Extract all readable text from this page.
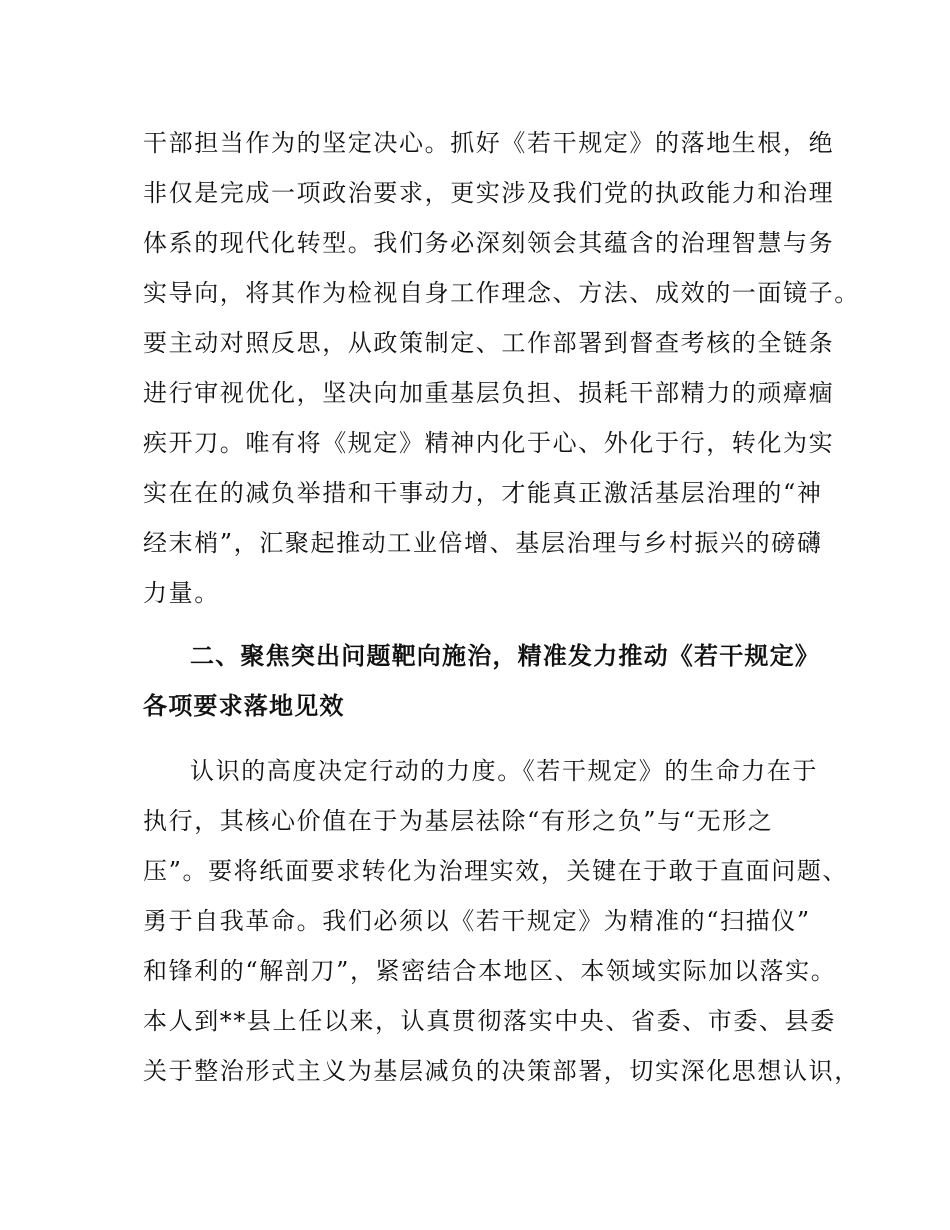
干部担当作为的坚定决心。抓好《若干规定》的落地生根，绝
非仅是完成一项政治要求，更实涉及我们党的执政能力和治理
体系的现代化转型。我们务必深刻领会其蕴含的治理智慧与务
实导向，将其作为检视自身工作理念、方法、成效的一面镜子。
要主动对照反思，从政策制定、工作部署到督查考核的全链条
进行审视优化，坚决向加重基层负担、损耗干部精力的顽瘴痼
疾开刀。唯有将《规定》精神内化于心、外化于行，转化为实
实在在的减负举措和干事动力，才能真正激活基层治理的“神
经末梢”，汇聚起推动工业倍增、基层治理与乡村振兴的磅礴
力量。
二、聚焦突出问题靶向施治，精准发力推动《若干规定》
各项要求落地见效
认识的高度决定行动的力度。《若干规定》的生命力在于
执行，其核心价值在于为基层祛除“有形之负”与“无形之
压”。要将纸面要求转化为治理实效，关键在于敢于直面问题、
勇于自我革命。我们必须以《若干规定》为精准的“扫描仪”
和锋利的“解剖刀”，紧密结合本地区、本领域实际加以落实。
本人到**县上任以来，认真贯彻落实中央、省委、市委、县委
关于整治形式主义为基层减负的决策部署，切实深化思想认识，
